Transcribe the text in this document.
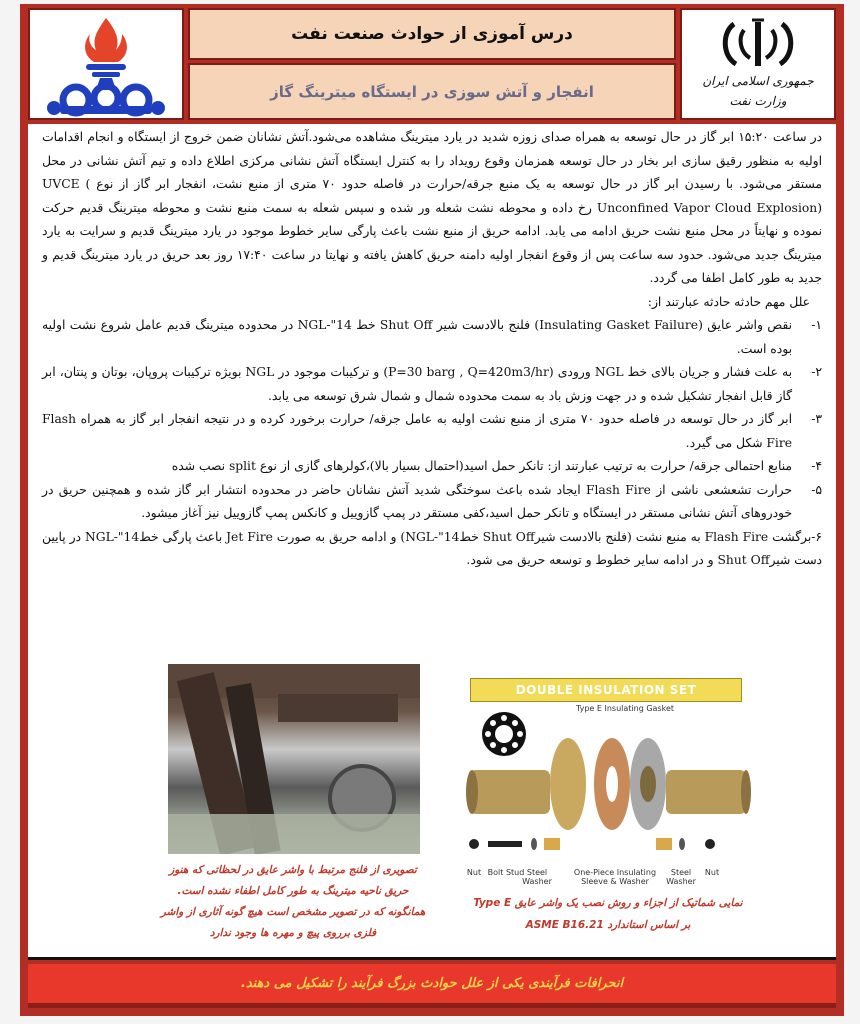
درس آموزی از حوادث صنعت نفت
انفجار و آتش سوزی در ایستگاه میترینگ گاز
جمهوری اسلامی ایران
وزارت نفت

در ساعت ۱۵:۲۰ ابر گاز در حال توسعه به همراه صدای زوزه شدید در یارد میترینگ مشاهده می‌شود.آتش نشانان ضمن خروج از ایستگاه و انجام اقدامات اولیه به منظور رقیق سازی ابر بخار در حال توسعه همزمان وقوع رویداد را به کنترل ایستگاه آتش نشانی مرکزی اطلاع داده و تیم آتش نشانی در محل مستقر می‌شود. با رسیدن ابر گاز در حال توسعه به یک منبع جرقه/حرارت در فاصله حدود ۷۰ متری از منبع نشت، انفجار ابر گاز از نوع UVCE ( Unconfined Vapor Cloud Explosion) رخ داده و محوطه نشت شعله ور شده و سپس شعله به سمت منبع نشت و محوطه میترینگ قدیم حرکت نموده و نهایتاً در محل منبع نشت حریق ادامه می یابد. ادامه حریق از منبع نشت باعث پارگی سایر خطوط موجود در یارد میترینگ قدیم و سرایت به یارد میترینگ جدید می‌شود. حدود سه ساعت پس از وقوع انفجار اولیه دامنه حریق کاهش یافته و نهایتا در ساعت ۱۷:۴۰ روز بعد حریق در یارد میترینگ قدیم و جدید به طور کامل اطفا می گردد.

علل مهم حادثه حادثه عبارتند از:

۱-
نقص واشر عایق (Insulating Gasket Failure) فلنج بالادست شیر Shut Off خط 14"-NGL در محدوده میترینگ قدیم عامل شروع نشت اولیه بوده است.
۲-
به علت فشار و جریان بالای خط NGL ورودی (P=30 barg , Q=420m3/hr) و ترکیبات موجود در NGL بویژه ترکیبات پروپان، بوتان و پنتان، ابر گاز قابل انفجار تشکیل شده و در جهت وزش باد به سمت محدوده شمال و شمال شرق توسعه می یابد.
۳-
ابر گاز در حال توسعه در فاصله حدود ۷۰ متری از منبع نشت اولیه به عامل جرقه/ حرارت برخورد کرده و در نتیجه انفجار ابر گاز به همراه Flash Fire شکل می گیرد.
۴-
منابع احتمالی جرقه/ حرارت به ترتیب عبارتند از: تانکر حمل اسید(احتمال بسیار بالا)،کولرهای گازی از نوع split نصب شده
۵-
حرارت تشعشعی ناشی از Flash Fire ایجاد شده باعث سوختگی شدید آتش نشانان حاضر در محدوده انتشار ابر گاز شده و همچنین حریق در خودروهای آتش نشانی مستقر در ایستگاه و تانکر حمل اسید،کفی مستقر در پمپ گازوییل و کانکس پمپ گازوییل نیز آغاز میشود.
۶-برگشت Flash Fire به منبع نشت (فلنج بالادست شیرShut Off خطNGL-"14) و ادامه حریق به صورت Jet Fire باعث پارگی خطNGL-"14 در پایین دست شیرShut Off و در ادامه سایر خطوط و توسعه حریق می شود.
تصویری از فلنج مرتبط با واشر عایق در لحظاتی که هنوز حریق ناحیه میترینگ به طور کامل اطفاء نشده است. همانگونه که در تصویر مشخص است هیچ گونه آثاری از واشر فلزی برروی پیچ و مهره ها وجود ندارد
DOUBLE INSULATION SET
Type E Insulating Gasket
Nut Bolt Stud Steel Washer
One-Piece Insulating Sleeve & Washer
Steel Washer
Nut
نمایی شماتیک از اجزاء و روش نصب یک واشر عایق Type E
بر اساس استاندارد ASME B16.21
انحرافات فرآیندی یکی از علل حوادث بزرگ فرآیند را تشکیل می دهند.
